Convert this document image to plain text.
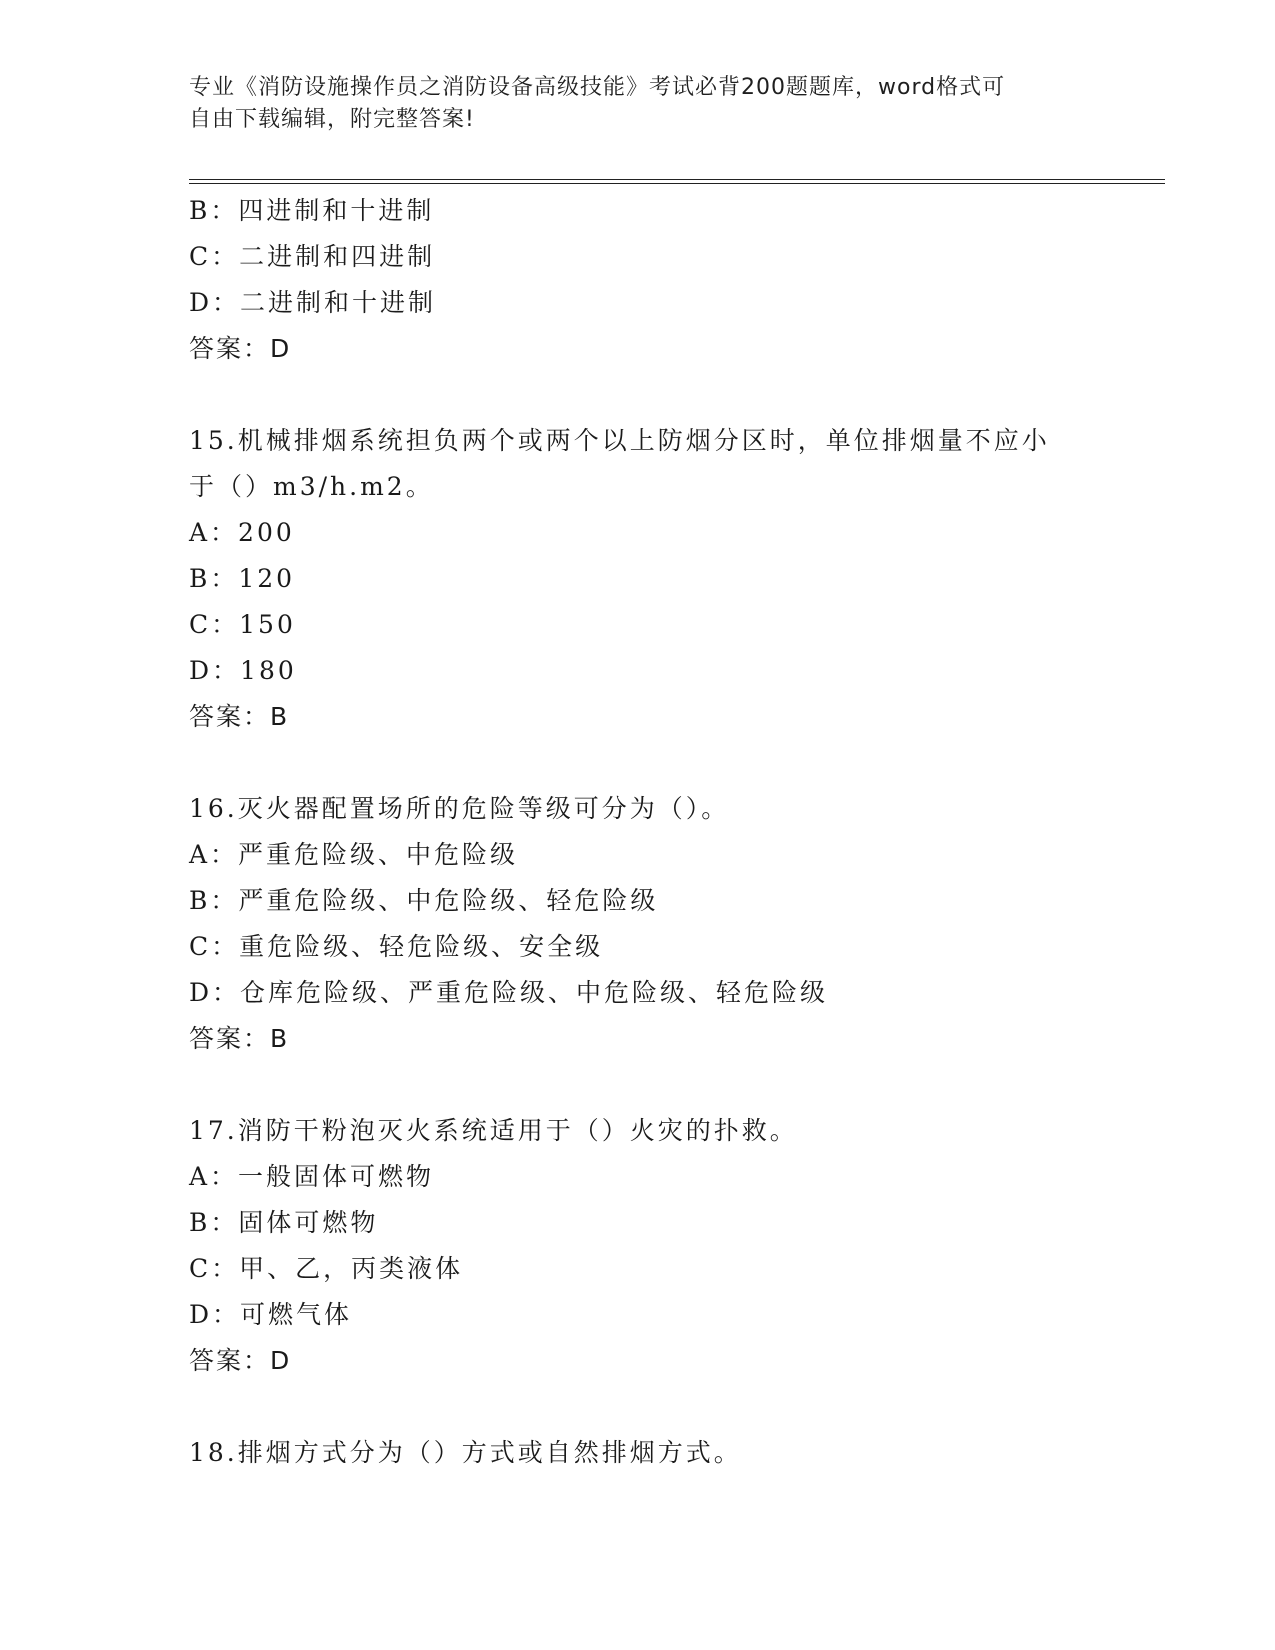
专业《消防设施操作员之消防设备高级技能》考试必背200题题库，word格式可
自由下载编辑，附完整答案!
B：四进制和十进制
C：二进制和四进制
D：二进制和十进制
答案：D
15.机械排烟系统担负两个或两个以上防烟分区时，单位排烟量不应小
于（）m3/h.m2。
A：200
B：120
C：150
D：180
答案：B
16.灭火器配置场所的危险等级可分为（）。
A：严重危险级、中危险级
B：严重危险级、中危险级、轻危险级
C：重危险级、轻危险级、安全级
D：仓库危险级、严重危险级、中危险级、轻危险级
答案：B
17.消防干粉泡灭火系统适用于（）火灾的扑救。
A：一般固体可燃物
B：固体可燃物
C：甲、乙，丙类液体
D：可燃气体
答案：D
18.排烟方式分为（）方式或自然排烟方式。
